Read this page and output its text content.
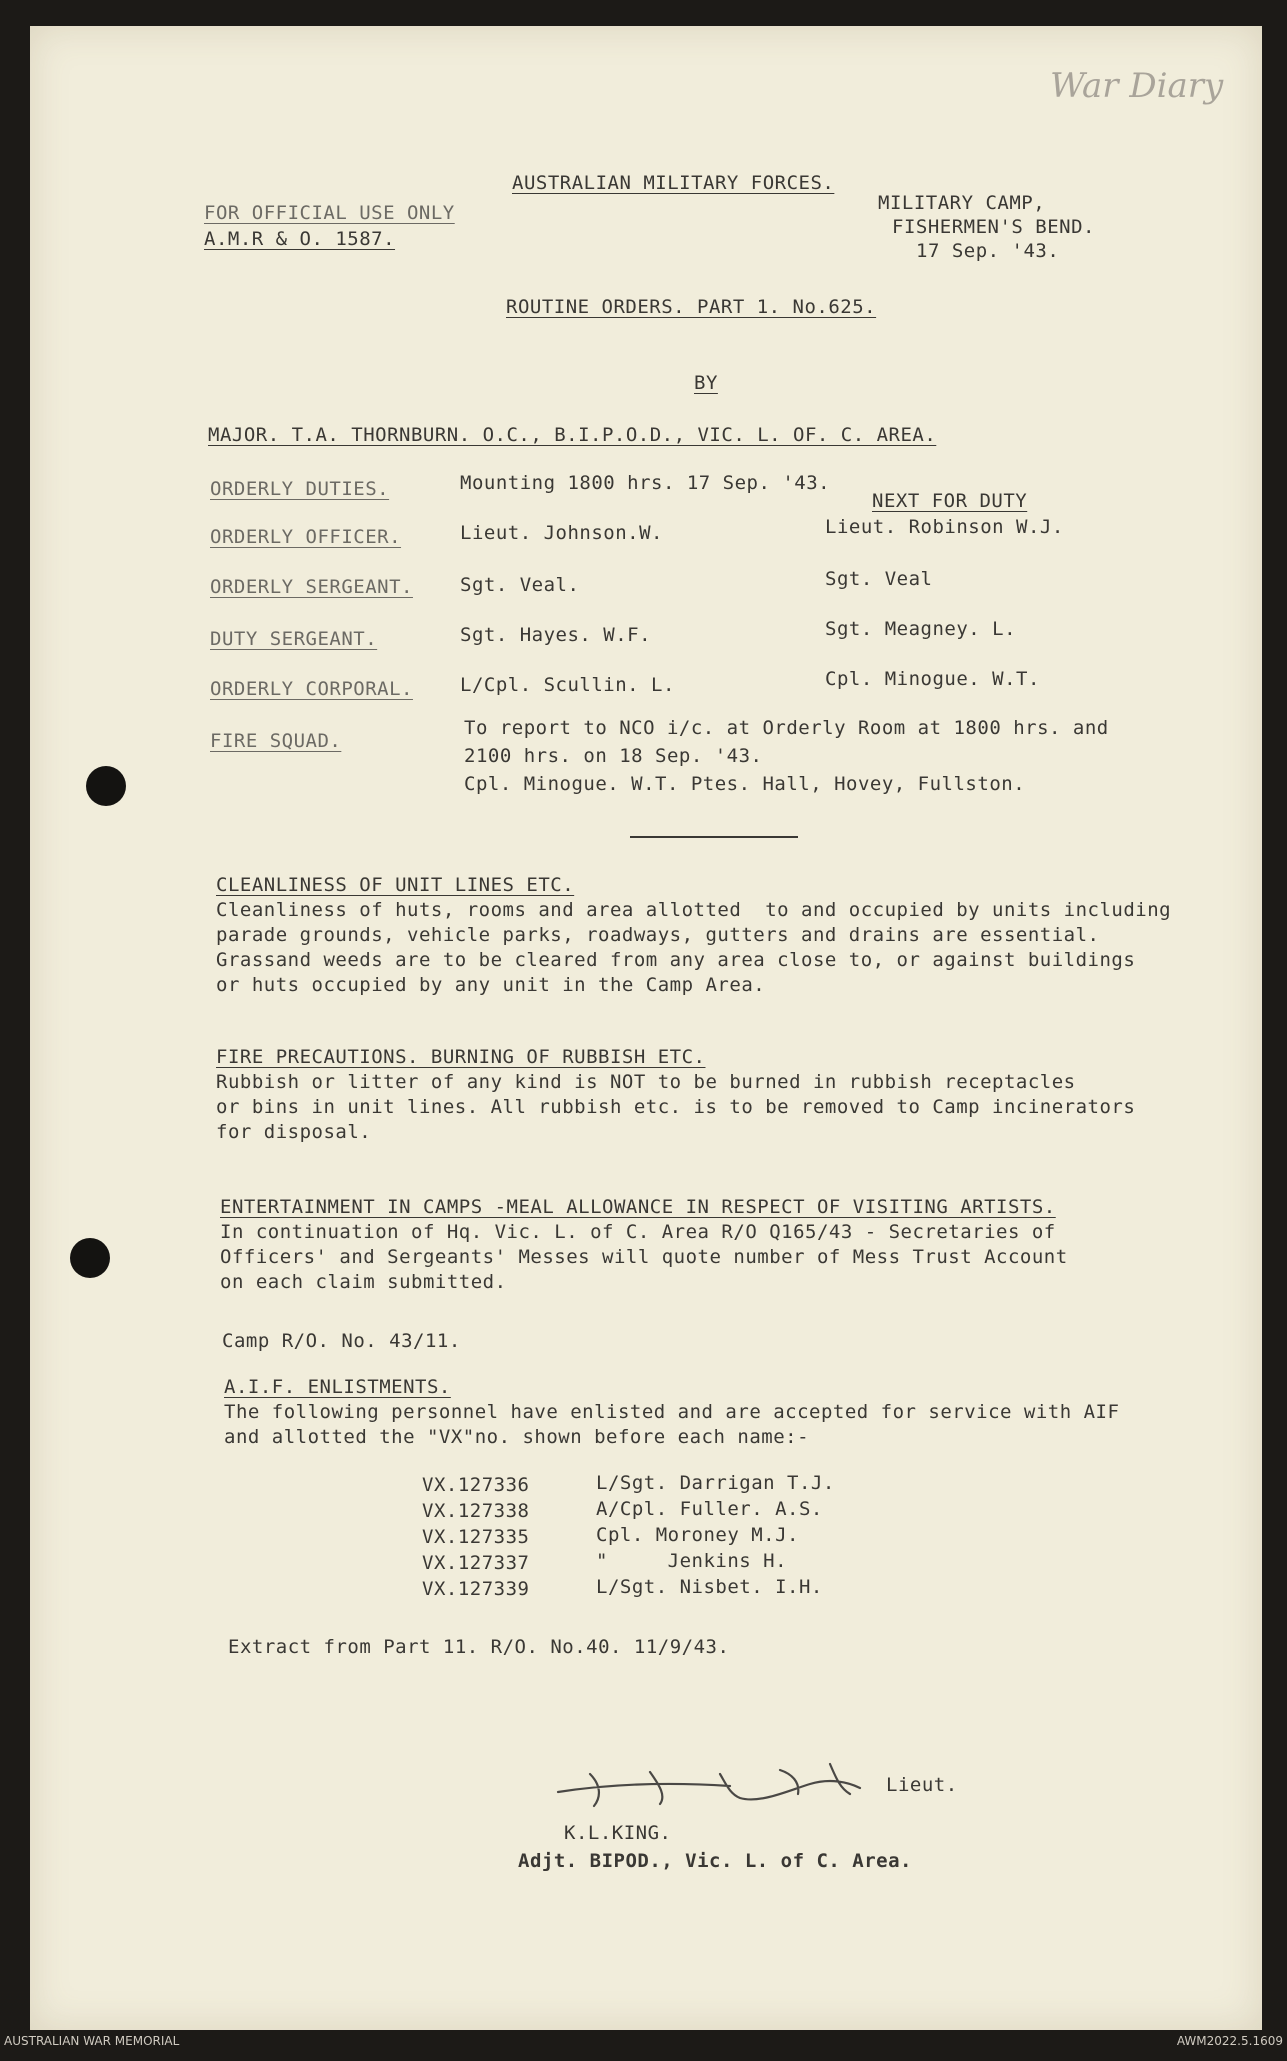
War Diary
FOR OFFICIAL USE ONLY
A.M.R & O. 1587.
AUSTRALIAN MILITARY FORCES.
MILITARY CAMP,
FISHERMEN'S BEND.
17 Sep. '43.
ROUTINE ORDERS. PART 1. No.625.
BY
MAJOR. T.A. THORNBURN. O.C., B.I.P.O.D., VIC. L. OF. C. AREA.
ORDERLY DUTIES.	Mounting 1800 hrs. 17 Sep. '43.
NEXT FOR DUTY
ORDERLY OFFICER.	Lieut. Johnson.W.	Lieut. Robinson W.J.
ORDERLY SERGEANT. Sgt. Veal.	Sgt. Veal
DUTY SERGEANT.	Sgt. Hayes. W.F.	Sgt. Meagney. L.
ORDERLY CORPORAL. L/Cpl. Scullin. L.	Cpl. Minogue. W.T.
FIRE SQUAD.
To report to NCO i/c. at Orderly Room at 1800 hrs. and
2100 hrs. on 18 Sep. '43.
Cpl. Minogue. W.T. Ptes. Hall, Hovey, Fullston.
CLEANLINESS OF UNIT LINES ETC.
Cleanliness of huts, rooms and area allotted  to and occupied by units including
parade grounds, vehicle parks, roadways, gutters and drains are essential.
Grassand weeds are to be cleared from any area close to, or against buildings
or huts occupied by any unit in the Camp Area.
FIRE PRECAUTIONS. BURNING OF RUBBISH ETC.
Rubbish or litter of any kind is NOT to be burned in rubbish receptacles
or bins in unit lines. All rubbish etc. is to be removed to Camp incinerators
for disposal.
ENTERTAINMENT IN CAMPS -MEAL ALLOWANCE IN RESPECT OF VISITING ARTISTS.
In continuation of Hq. Vic. L. of C. Area R/O Q165/43 - Secretaries of
Officers' and Sergeants' Messes will quote number of Mess Trust Account
on each claim submitted.
Camp R/O. No. 43/11.
A.I.F. ENLISTMENTS.
The following personnel have enlisted and are accepted for service with AIF
and allotted the "VX"no. shown before each name:-
VX.127336	L/Sgt. Darrigan T.J.
VX.127338	A/Cpl. Fuller. A.S.
VX.127335	Cpl. Moroney M.J.
VX.127337	"     Jenkins H.
VX.127339	L/Sgt. Nisbet. I.H.
Extract from Part 11. R/O. No.40. 11/9/43.
Lieut.
K.L.KING.
Adjt. BIPOD., Vic. L. of C. Area.
AUSTRALIAN WAR MEMORIAL	AWM2022.5.1609
